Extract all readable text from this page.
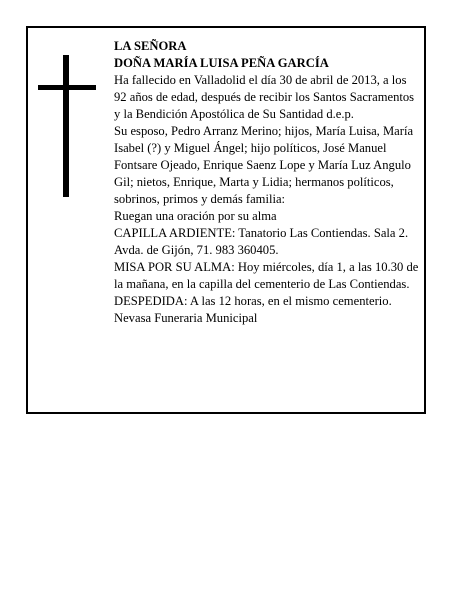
LA SEÑORA

DOÑA MARÍA LUISA PEÑA GARCÍA

Ha fallecido en Valladolid el día 30 de abril de 2013, a los 92 años de edad, después de recibir los Santos Sacramentos y la Bendición Apostólica de Su Santidad d.e.p.

Su esposo, Pedro Arranz Merino; hijos, María Luisa, María Isabel (?) y Miguel Ángel; hijo políticos, José Manuel Fontsare Ojeado, Enrique Saenz Lope y María Luz Angulo Gil; nietos, Enrique, Marta y Lidia; hermanos políticos, sobrinos, primos y demás familia:

Ruegan una oración por su alma

CAPILLA ARDIENTE: Tanatorio Las Contiendas. Sala 2. Avda. de Gijón, 71. 983 360405.

MISA POR SU ALMA: Hoy miércoles, día 1, a las 10.30 de la mañana, en la capilla del cementerio de Las Contiendas.

DESPEDIDA: A las 12 horas, en el mismo cementerio.

Nevasa Funeraria Municipal
